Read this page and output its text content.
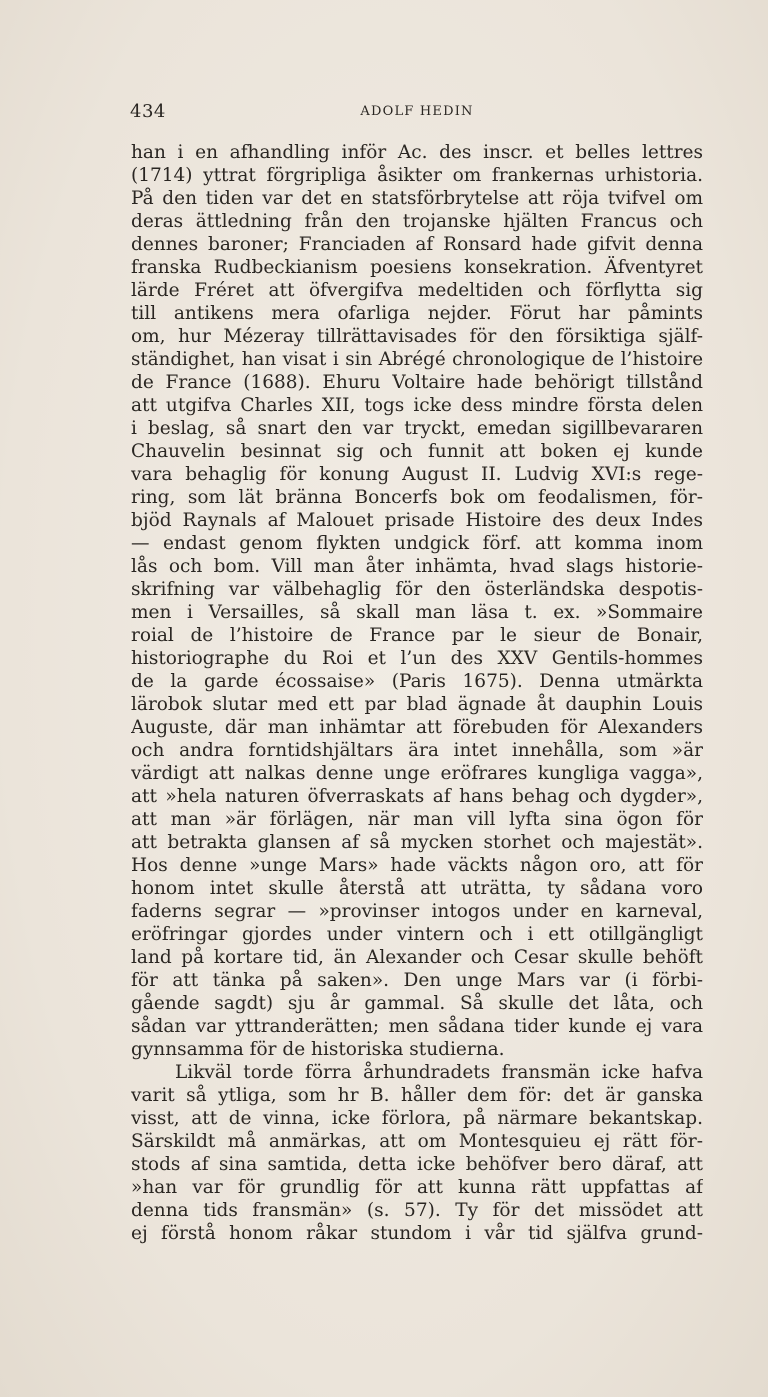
434	ADOLF HEDIN
han i en afhandling inför Ac. des inscr. et belles lettres
(1714) yttrat förgripliga åsikter om frankernas urhistoria.
På den tiden var det en statsförbrytelse att röja tvifvel om
deras ättledning från den trojanske hjälten Francus och
dennes baroner; Franciaden af Ronsard hade gifvit denna
franska Rudbeckianism poesiens konsekration. Äfventyret
lärde Fréret att öfvergifva medeltiden och förflytta sig
till antikens mera ofarliga nejder. Förut har påmints
om, hur Mézeray tillrättavisades för den försiktiga själf-
ständighet, han visat i sin Abrégé chronologique de l’histoire
de France (1688). Ehuru Voltaire hade behörigt tillstånd
att utgifva Charles XII, togs icke dess mindre första delen
i beslag, så snart den var tryckt, emedan sigillbevararen
Chauvelin besinnat sig och funnit att boken ej kunde
vara behaglig för konung August II. Ludvig XVI:s rege-
ring, som lät bränna Boncerfs bok om feodalismen, för-
bjöd Raynals af Malouet prisade Histoire des deux Indes
— endast genom flykten undgick förf. att komma inom
lås och bom. Vill man åter inhämta, hvad slags historie-
skrifning var välbehaglig för den österländska despotis-
men i Versailles, så skall man läsa t. ex. »Sommaire
roial de l’histoire de France par le sieur de Bonair,
historiographe du Roi et l’un des XXV Gentils-hommes
de la garde écossaise» (Paris 1675). Denna utmärkta
lärobok slutar med ett par blad ägnade åt dauphin Louis
Auguste, där man inhämtar att förebuden för Alexanders
och andra forntidshjältars ära intet innehålla, som »är
värdigt att nalkas denne unge eröfrares kungliga vagga»,
att »hela naturen öfverraskats af hans behag och dygder»,
att man »är förlägen, när man vill lyfta sina ögon för
att betrakta glansen af så mycken storhet och majestät».
Hos denne »unge Mars» hade väckts någon oro, att för
honom intet skulle återstå att uträtta, ty sådana voro
faderns segrar — »provinser intogos under en karneval,
eröfringar gjordes under vintern och i ett otillgängligt
land på kortare tid, än Alexander och Cesar skulle behöft
för att tänka på saken». Den unge Mars var (i förbi-
gående sagdt) sju år gammal. Så skulle det låta, och
sådan var yttranderätten; men sådana tider kunde ej vara
gynnsamma för de historiska studierna.
Likväl torde förra århundradets fransmän icke hafva
varit så ytliga, som hr B. håller dem för: det är ganska
visst, att de vinna, icke förlora, på närmare bekantskap.
Särskildt må anmärkas, att om Montesquieu ej rätt för-
stods af sina samtida, detta icke behöfver bero däraf, att
»han var för grundlig för att kunna rätt uppfattas af
denna tids fransmän» (s. 57). Ty för det missödet att
ej förstå honom råkar stundom i vår tid själfva grund-
